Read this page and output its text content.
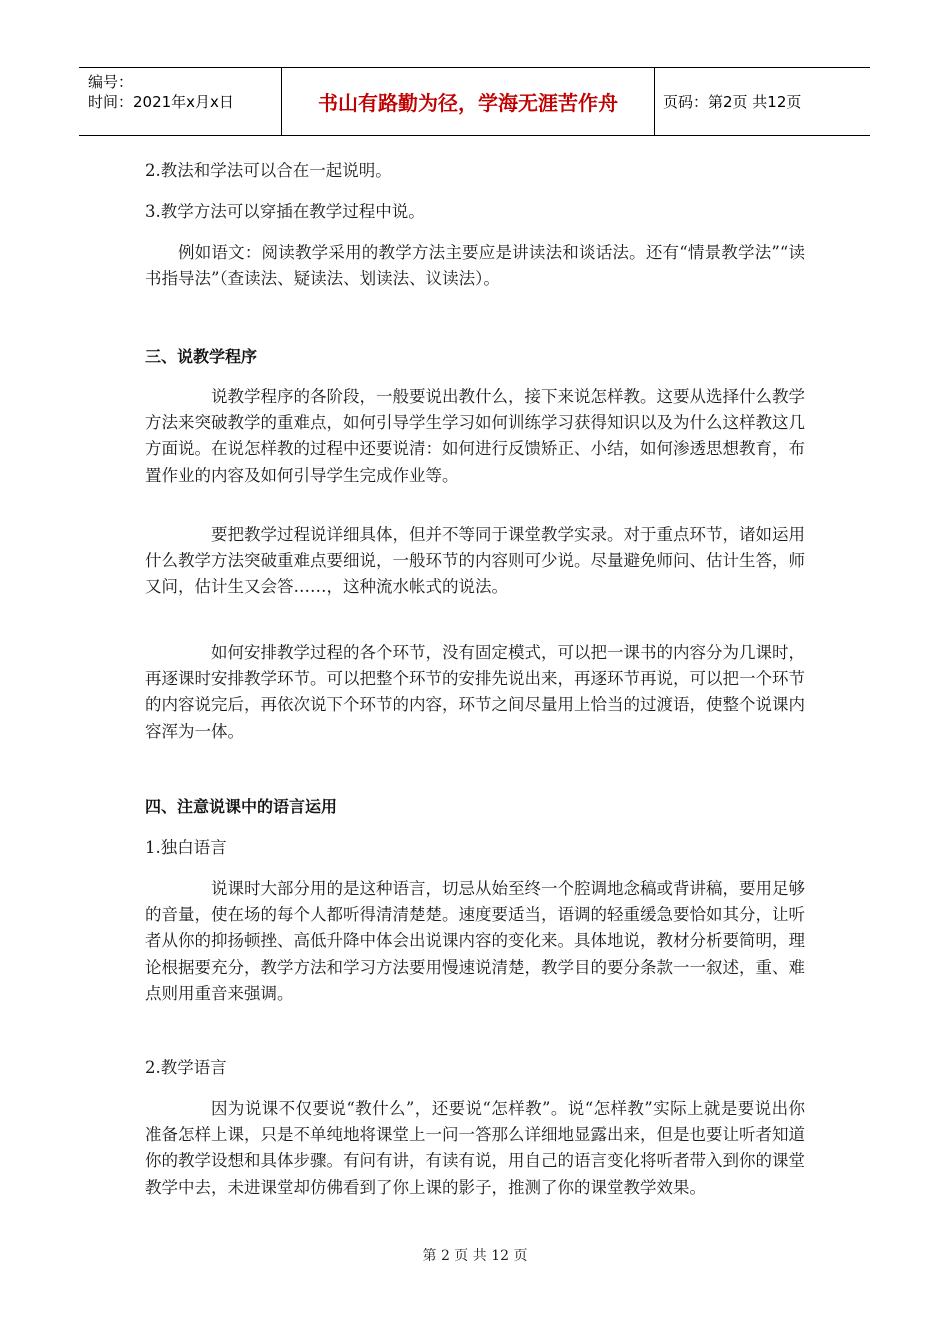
编号：
时间：2021年x月x日	书山有路勤为径，学海无涯苦作舟	页码：第2页 共12页
2.教法和学法可以合在一起说明。
3.教学方法可以穿插在教学过程中说。
例如语文：阅读教学采用的教学方法主要应是讲读法和谈话法。还有“情景教学法”“读书指导法”（查读法、疑读法、划读法、议读法）。
三、说教学程序
说教学程序的各阶段，一般要说出教什么，接下来说怎样教。这要从选择什么教学方法来突破教学的重难点，如何引导学生学习如何训练学习获得知识以及为什么这样教这几方面说。在说怎样教的过程中还要说清：如何进行反馈矫正、小结，如何渗透思想教育，布置作业的内容及如何引导学生完成作业等。
要把教学过程说详细具体，但并不等同于课堂教学实录。对于重点环节，诸如运用什么教学方法突破重难点要细说，一般环节的内容则可少说。尽量避免师问、估计生答，师又问，估计生又会答……，这种流水帐式的说法。
如何安排教学过程的各个环节，没有固定模式，可以把一课书的内容分为几课时，再逐课时安排教学环节。可以把整个环节的安排先说出来，再逐环节再说，可以把一个环节的内容说完后，再依次说下个环节的内容，环节之间尽量用上恰当的过渡语，使整个说课内容浑为一体。
四、注意说课中的语言运用
1.独白语言
说课时大部分用的是这种语言，切忌从始至终一个腔调地念稿或背讲稿，要用足够的音量，使在场的每个人都听得清清楚楚。速度要适当，语调的轻重缓急要恰如其分，让听者从你的抑扬顿挫、高低升降中体会出说课内容的变化来。具体地说，教材分析要简明，理论根据要充分，教学方法和学习方法要用慢速说清楚，教学目的要分条款一一叙述，重、难点则用重音来强调。
2.教学语言
因为说课不仅要说“教什么”，还要说“怎样教”。说“怎样教”实际上就是要说出你准备怎样上课，只是不单纯地将课堂上一问一答那么详细地显露出来，但是也要让听者知道你的教学设想和具体步骤。有问有讲，有读有说，用自己的语言变化将听者带入到你的课堂教学中去，未进课堂却仿佛看到了你上课的影子，推测了你的课堂教学效果。
第 2 页 共 12 页
